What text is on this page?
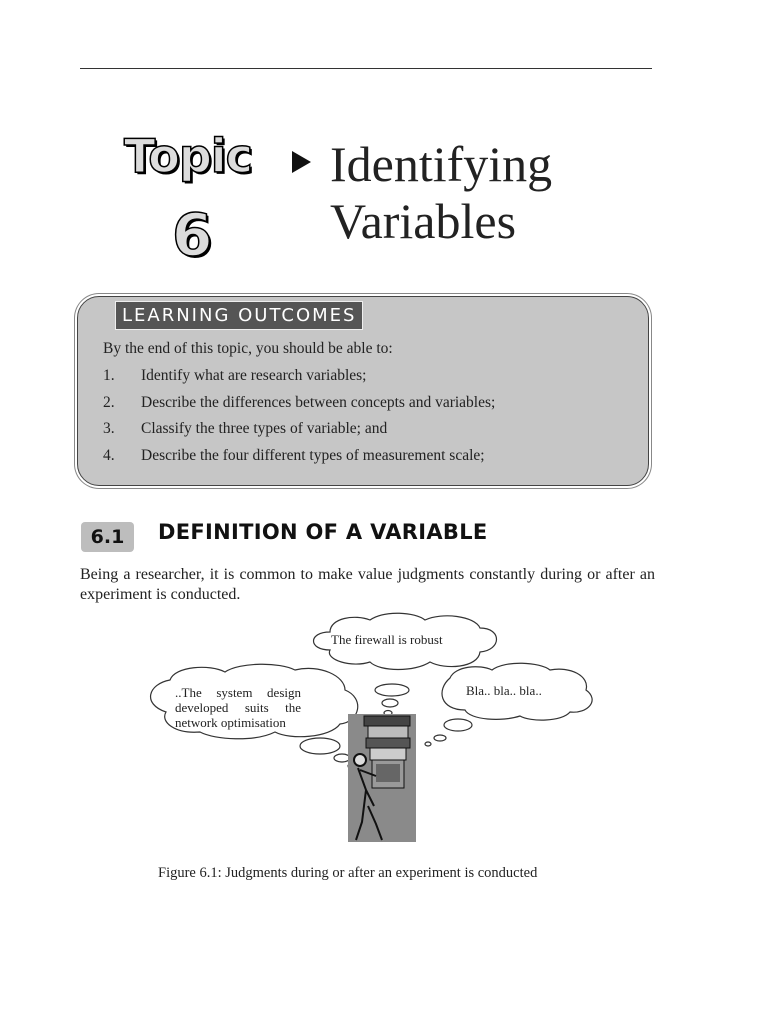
Topic
6
Identifying
Variables
LEARNING OUTCOMES
By the end of this topic, you should be able to:
1. Identify what are research variables;
2. Describe the differences between concepts and variables;
3. Classify the three types of variable; and
4. Describe the four different types of measurement scale;
6.1	DEFINITION OF A VARIABLE
Being a researcher, it is common to make value judgments constantly during or after an experiment is conducted.
The firewall is robust
..The system design developed suits the network optimisation
Bla.. bla.. bla..
Figure 6.1: Judgments during or after an experiment is conducted
